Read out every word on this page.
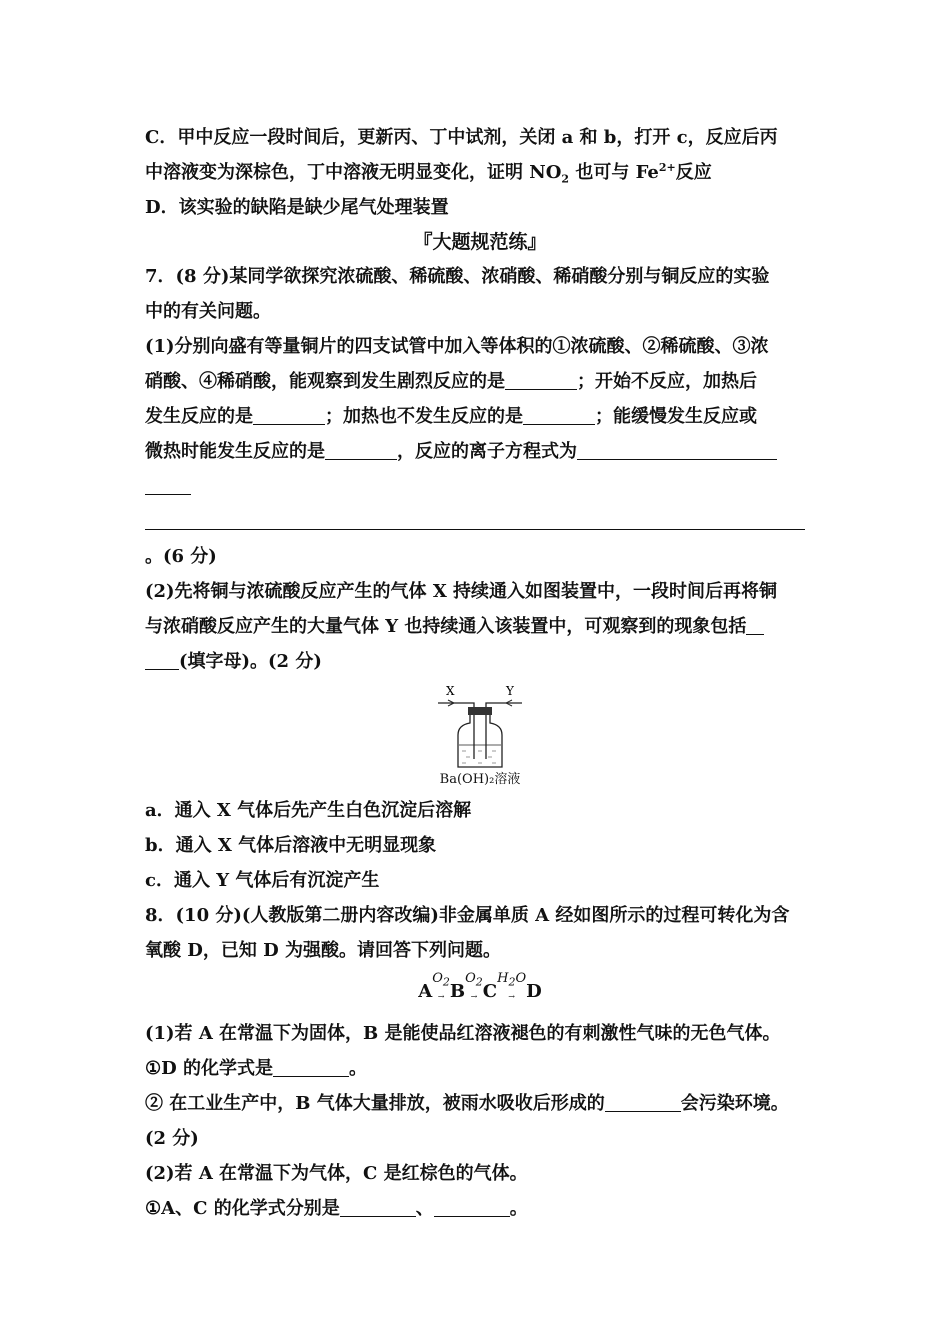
C．甲中反应一段时间后，更新丙、丁中试剂，关闭 a 和 b，打开 c，反应后丙
中溶液变为深棕色，丁中溶液无明显变化，证明 $NO_2$ 也可与 $Fe^{2+}$反应
D．该实验的缺陷是缺少尾气处理装置
『大题规范练』
7．(8 分)某同学欲探究浓硫酸、稀硫酸、浓硝酸、稀硝酸分别与铜反应的实验
中的有关问题。
(1)分别向盛有等量铜片的四支试管中加入等体积的①浓硫酸、②稀硫酸、③浓
硝酸、④稀硝酸，能观察到发生剧烈反应的是	；开始不反应，加热后
发生反应的是	；加热也不发生反应的是	；能缓慢发生反应或
微热时能发生反应的是	，反应的离子方程式为
。(6 分)
(2)先将铜与浓硫酸反应产生的气体 X 持续通入如图装置中，一段时间后再将铜
与浓硝酸反应产生的大量气体 Y 也持续通入该装置中，可观察到的现象包括
(填字母)。(2 分)
X	Y
Ba(OH)₂溶液
a．通入 X 气体后先产生白色沉淀后溶解
b．通入 X 气体后溶液中无明显现象
c．通入 Y 气体后有沉淀产生
8．(10 分)(人教版第二册内容改编)非金属单质 A 经如图所示的过程可转化为含
氧酸 D，已知 D 为强酸。请回答下列问题。
$AO_2$
→ $BO_2$
→ $CH_2O$
→ D
(1)若 A 在常温下为固体，B 是能使品红溶液褪色的有刺激性气味的无色气体。
①D 的化学式是	。
② 在工业生产中，B 气体大量排放，被雨水吸收后形成的	会污染环境。
(2 分)
(2)若 A 在常温下为气体，C 是红棕色的气体。
①A、C 的化学式分别是	、	。
